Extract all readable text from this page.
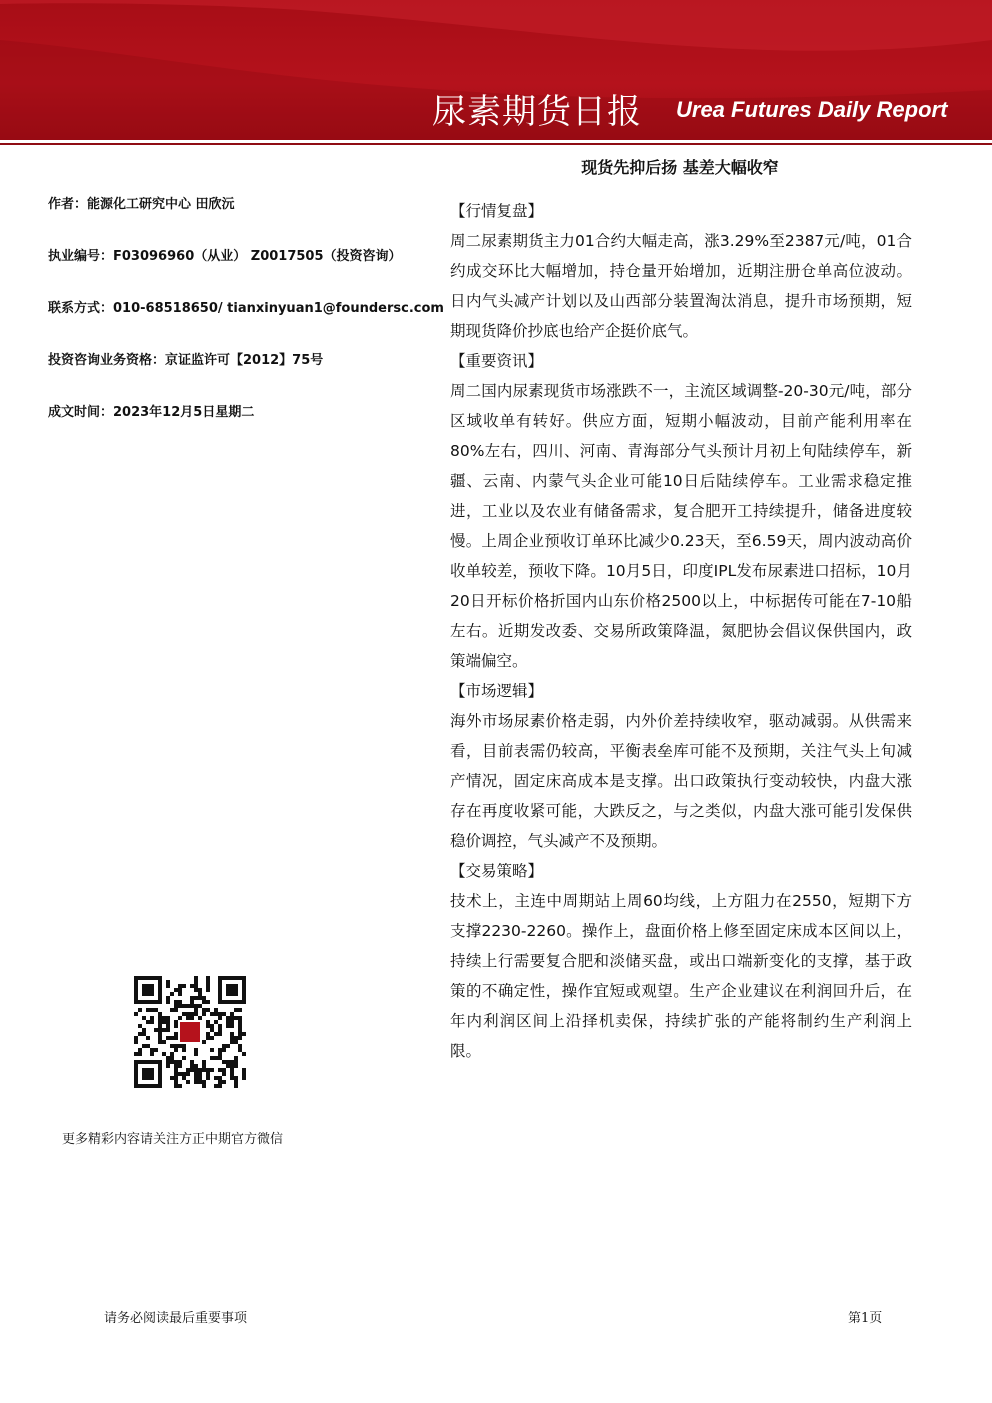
尿素期货日报 Urea Futures Daily Report
现货先抑后扬 基差大幅收窄
作者：能源化工研究中心 田欣沅
执业编号：F03096960（从业） Z0017505（投资咨询）
联系方式：010-68518650/ tianxinyuan1@foundersc.com
投资咨询业务资格：京证监许可【2012】75号
成文时间：2023年12月5日星期二
【行情复盘】

周二尿素期货主力01合约大幅走高，涨3.29%至2387元/吨，01合约成交环比大幅增加，持仓量开始增加，近期注册仓单高位波动。日内气头减产计划以及山西部分装置淘汰消息，提升市场预期，短期现货降价抄底也给产企挺价底气。

【重要资讯】

周二国内尿素现货市场涨跌不一，主流区域调整-20-30元/吨，部分区域收单有转好。供应方面，短期小幅波动，目前产能利用率在80%左右，四川、河南、青海部分气头预计月初上旬陆续停车，新疆、云南、内蒙气头企业可能10日后陆续停车。工业需求稳定推进，工业以及农业有储备需求，复合肥开工持续提升，储备进度较慢。上周企业预收订单环比减少0.23天，至6.59天，周内波动高价收单较差，预收下降。10月5日，印度IPL发布尿素进口招标，10月20日开标价格折国内山东价格2500以上，中标据传可能在7-10船左右。近期发改委、交易所政策降温，氮肥协会倡议保供国内，政策端偏空。

【市场逻辑】

海外市场尿素价格走弱，内外价差持续收窄，驱动减弱。从供需来看，目前表需仍较高，平衡表垒库可能不及预期，关注气头上旬减产情况，固定床高成本是支撑。出口政策执行变动较快，内盘大涨存在再度收紧可能，大跌反之，与之类似，内盘大涨可能引发保供稳价调控，气头减产不及预期。

【交易策略】

技术上，主连中周期站上周60均线，上方阻力在2550，短期下方支撑2230-2260。操作上，盘面价格上修至固定床成本区间以上，持续上行需要复合肥和淡储买盘，或出口端新变化的支撑，基于政策的不确定性，操作宜短或观望。生产企业建议在利润回升后，在年内利润区间上沿择机卖保，持续扩张的产能将制约生产利润上限。

更多精彩内容请关注方正中期官方微信
请务必阅读最后重要事项	第1页
